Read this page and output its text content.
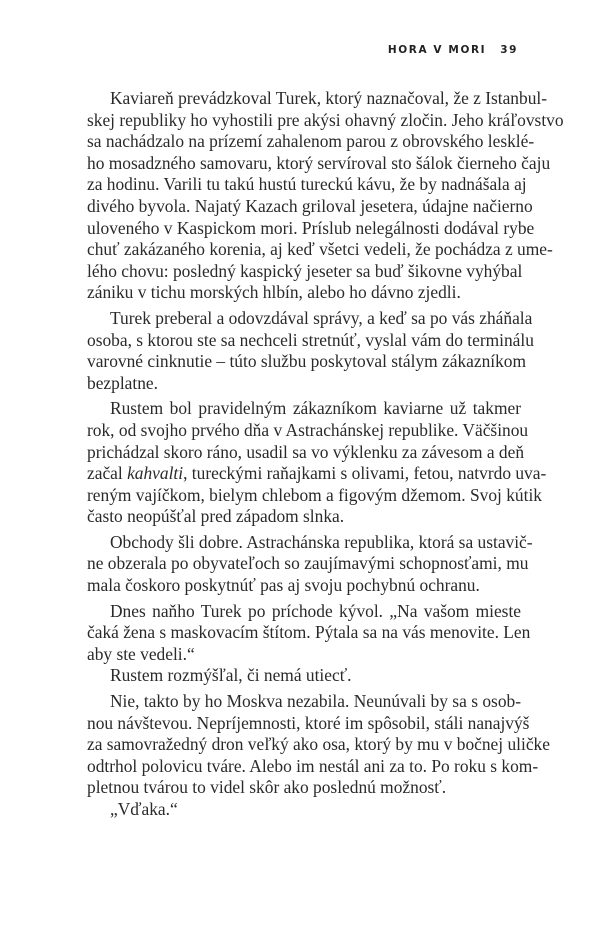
HORA V MORI 39
Kaviareň prevádzkoval Turek, ktorý naznačoval, že z Istanbul-
skej republiky ho vyhostili pre akýsi ohavný zločin. Jeho kráľovstvo
sa nachádzalo na prízemí zahalenom parou z obrovského lesklé-
ho mosadzného samovaru, ktorý servíroval sto šálok čierneho čaju
za hodinu. Varili tu takú hustú tureckú kávu, že by nadnášala aj
divého byvola. Najatý Kazach griloval jesetera, údajne načierno
uloveného v Kaspickom mori. Príslub nelegálnosti dodával rybe
chuť zakázaného korenia, aj keď všetci vedeli, že pochádza z ume-
lého chovu: posledný kaspický jeseter sa buď šikovne vyhýbal
zániku v tichu morských hlbín, alebo ho dávno zjedli.
Turek preberal a odovzdával správy, a keď sa po vás zháňala
osoba, s ktorou ste sa nechceli stretnúť, vyslal vám do terminálu
varovné cinknutie – túto službu poskytoval stálym zákazníkom
bezplatne.
Rustem bol pravidelným zákazníkom kaviarne už takmer
rok, od svojho prvého dňa v Astrachánskej republike. Väčšinou
prichádzal skoro ráno, usadil sa vo výklenku za závesom a deň
začal kahvalti, tureckými raňajkami s olivami, fetou, natvrdo uva-
reným vajíčkom, bielym chlebom a figovým džemom. Svoj kútik
často neopúšťal pred západom slnka.
Obchody šli dobre. Astrachánska republika, ktorá sa ustavič-
ne obzerala po obyvateľoch so zaujímavými schopnosťami, mu
mala čoskoro poskytnúť pas aj svoju pochybnú ochranu.
Dnes naňho Turek po príchode kývol. „Na vašom mieste
čaká žena s maskovacím štítom. Pýtala sa na vás menovite. Len
aby ste vedeli.“
Rustem rozmýšľal, či nemá utiecť.
Nie, takto by ho Moskva nezabila. Neunúvali by sa s osob-
nou návštevou. Nepríjemnosti, ktoré im spôsobil, stáli nanajvýš
za samovražedný dron veľký ako osa, ktorý by mu v bočnej uličke
odtrhol polovicu tváre. Alebo im nestál ani za to. Po roku s kom-
pletnou tvárou to videl skôr ako poslednú možnosť.
„Vďaka.“
